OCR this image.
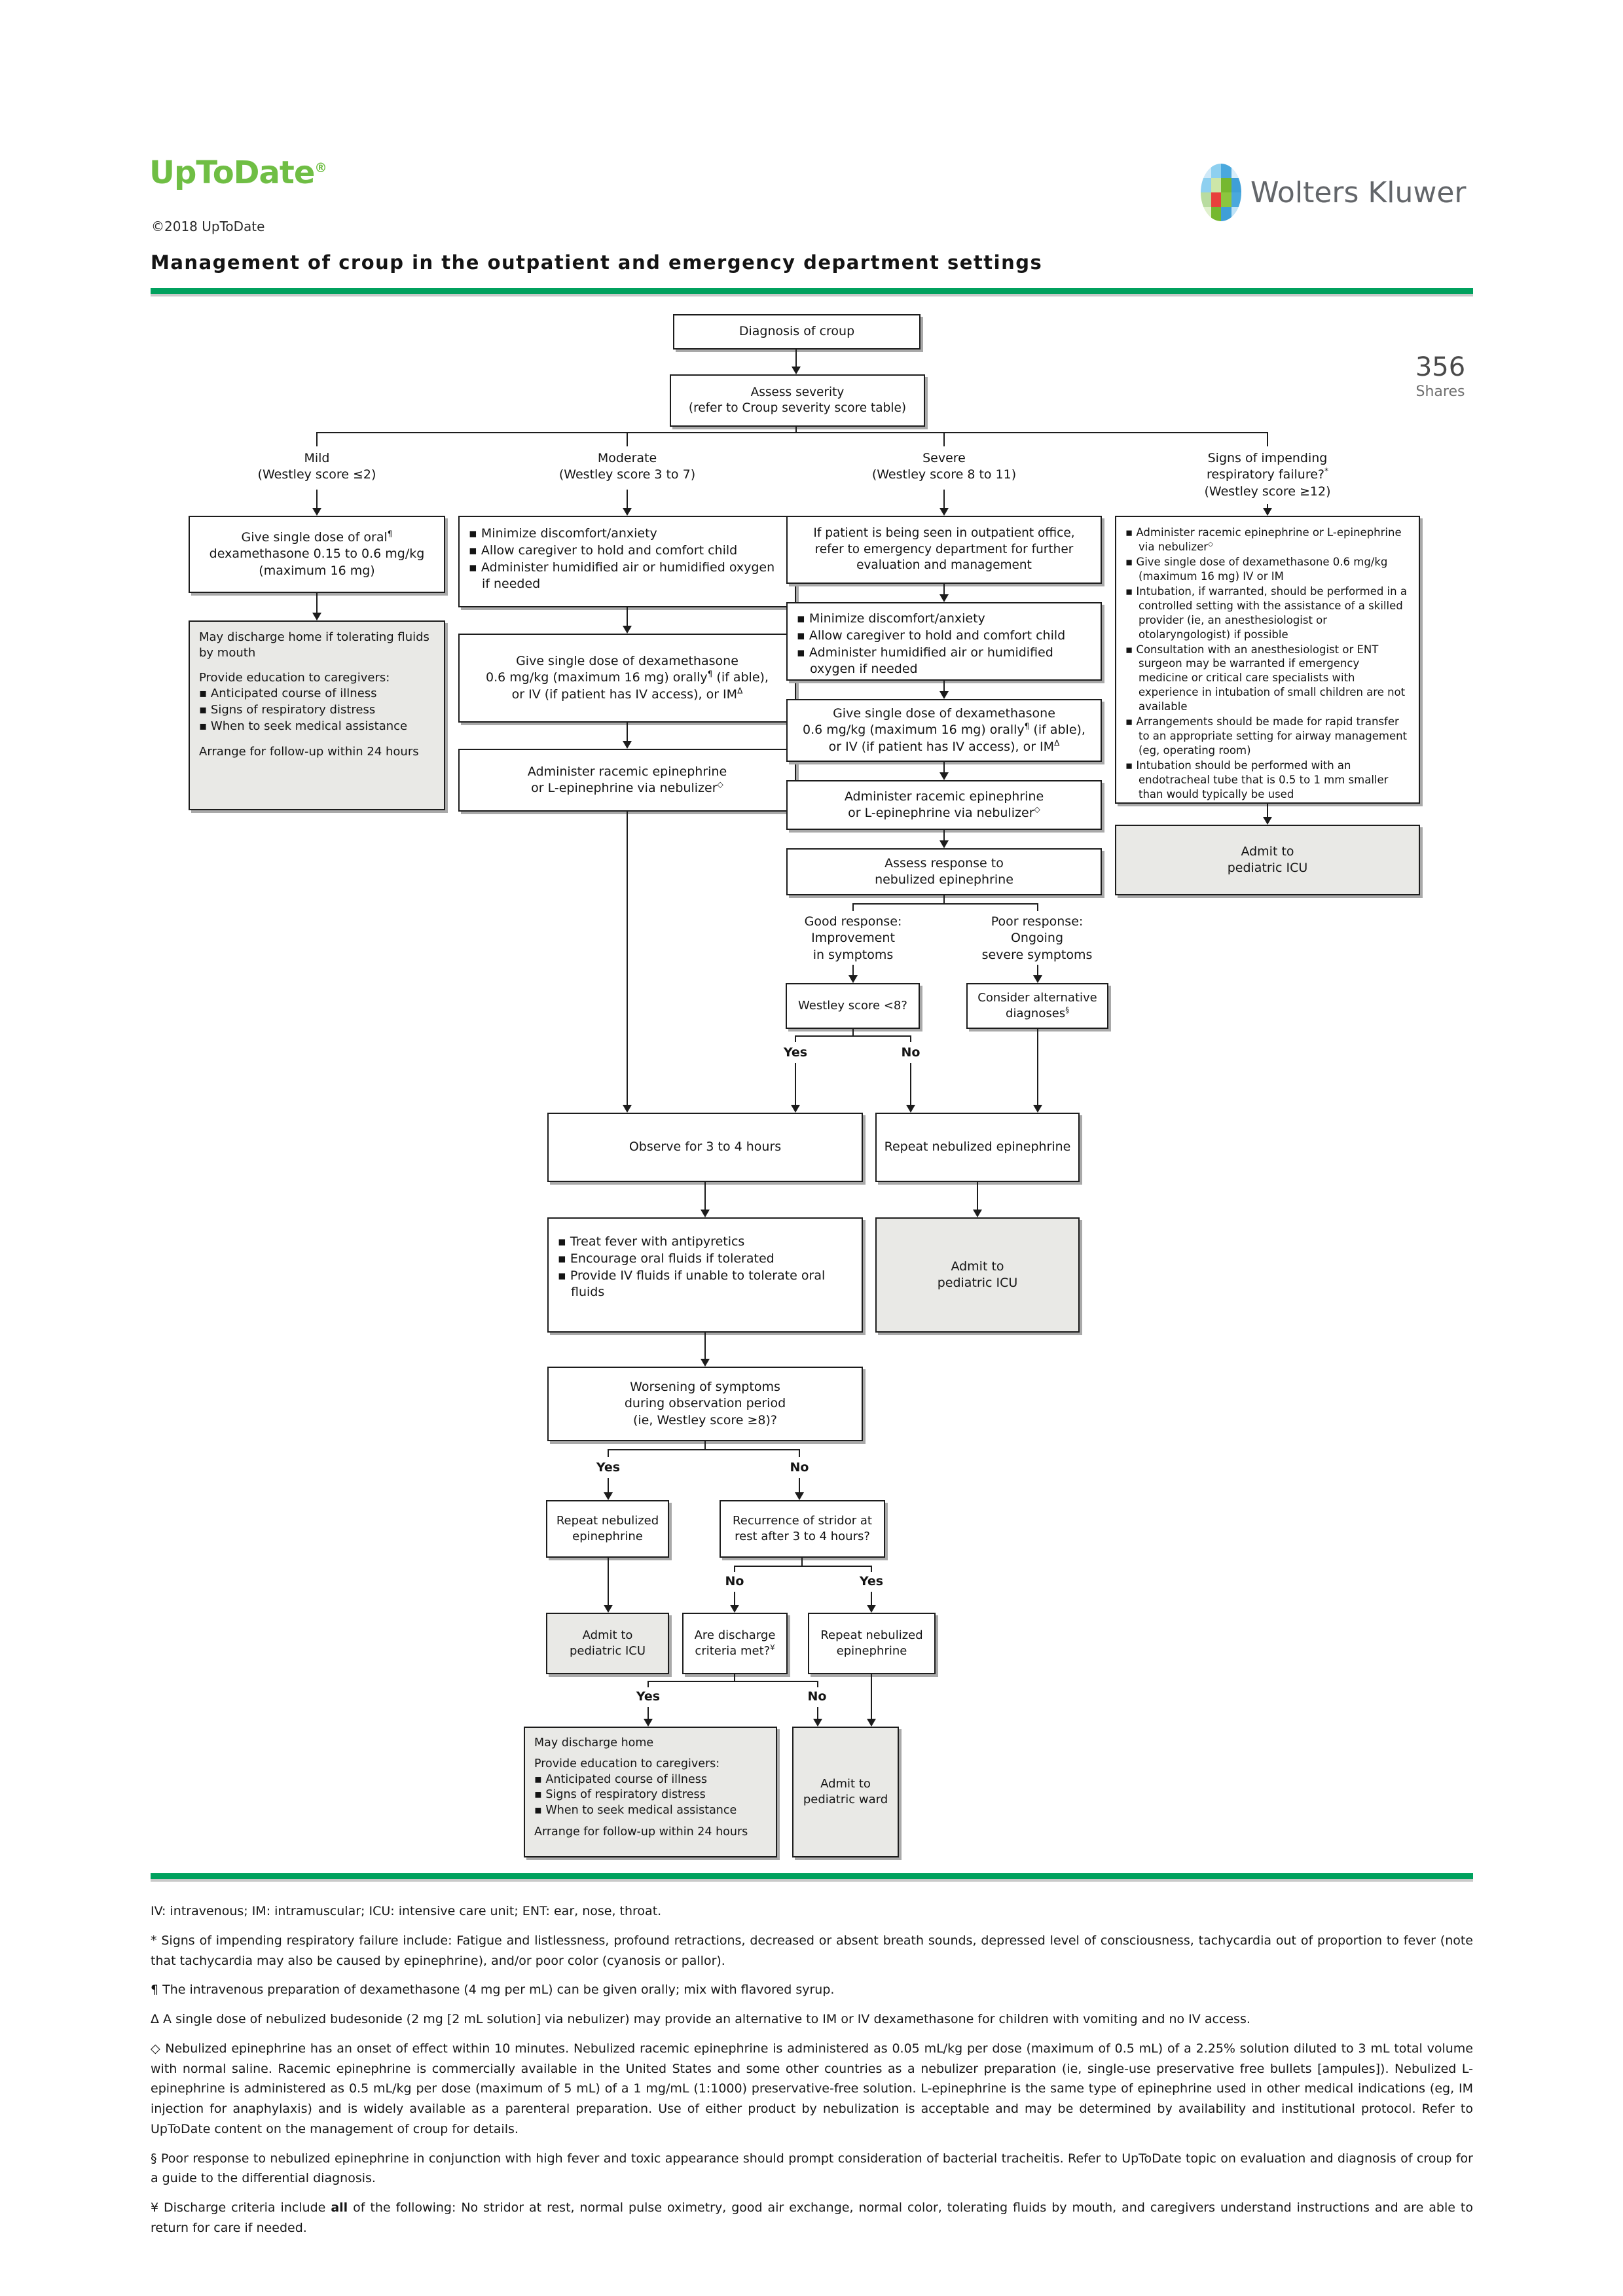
UpToDate®
©2018 UpToDate
Wolters Kluwer
Management of croup in the outpatient and emergency department settings
356
Shares
Diagnosis of croup
Assess severity
(refer to Croup severity score table)
Mild
(Westley score ≤2)
Moderate
(Westley score 3 to 7)
Severe
(Westley score 8 to 11)
Signs of impending
respiratory failure?*
(Westley score ≥12)
Give single dose of oral¶
dexamethasone 0.15 to 0.6 mg/kg
(maximum 16 mg)
May discharge home if tolerating fluids by mouth
Provide education to caregivers:
▪ Anticipated course of illness
▪ Signs of respiratory distress
▪ When to seek medical assistance
Arrange for follow-up within 24 hours
▪ Minimize discomfort/anxiety
▪ Allow caregiver to hold and comfort child
▪ Administer humidified air or humidified oxygen if needed
Give single dose of dexamethasone
0.6 mg/kg (maximum 16 mg) orally¶ (if able),
or IV (if patient has IV access), or $IM^\Delta$
Administer racemic epinephrine
or L-epinephrine via nebulizer◇
If patient is being seen in outpatient office,
refer to emergency department for further
evaluation and management
▪ Minimize discomfort/anxiety
▪ Allow caregiver to hold and comfort child
▪ Administer humidified air or humidified oxygen if needed
Give single dose of dexamethasone
0.6 mg/kg (maximum 16 mg) orally¶ (if able),
or IV (if patient has IV access), or $IM^\Delta$
Administer racemic epinephrine
or L-epinephrine via nebulizer◇
Assess response to
nebulized epinephrine
▪ Administer racemic epinephrine or L-epinephrine via nebulizer◇
▪ Give single dose of dexamethasone 0.6 mg/kg (maximum 16 mg) IV or IM
▪ Intubation, if warranted, should be performed in a controlled setting with the assistance of a skilled provider (ie, an anesthesiologist or otolaryngologist) if possible
▪ Consultation with an anesthesiologist or ENT surgeon may be warranted if emergency medicine or critical care specialists with experience in intubation of small children are not available
▪ Arrangements should be made for rapid transfer to an appropriate setting for airway management (eg, operating room)
▪ Intubation should be performed with an endotracheal tube that is 0.5 to 1 mm smaller than would typically be used
Admit to
pediatric ICU
Good response:
Improvement
in symptoms
Poor response:
Ongoing
severe symptoms
Westley score <8?
Consider alternative
diagnoses§
Yes	No
Observe for 3 to 4 hours	Repeat nebulized epinephrine
▪ Treat fever with antipyretics
▪ Encourage oral fluids if tolerated
▪ Provide IV fluids if unable to tolerate oral fluids
Admit to
pediatric ICU
Worsening of symptoms
during observation period
(ie, Westley score ≥8)?
Yes	No
Repeat nebulized
epinephrine
Recurrence of stridor at
rest after 3 to 4 hours?
No	Yes
Admit to
pediatric ICU
Are discharge
criteria met?¥
Repeat nebulized
epinephrine
Yes	No
May discharge home
Provide education to caregivers:
▪ Anticipated course of illness
▪ Signs of respiratory distress
▪ When to seek medical assistance
Arrange for follow-up within 24 hours
Admit to
pediatric ward

IV: intravenous; IM: intramuscular; ICU: intensive care unit; ENT: ear, nose, throat.

* Signs of impending respiratory failure include: Fatigue and listlessness, profound retractions, decreased or absent breath sounds, depressed level of consciousness, tachycardia out of proportion to fever (note that tachycardia may also be caused by epinephrine), and/or poor color (cyanosis or pallor).

¶ The intravenous preparation of dexamethasone (4 mg per mL) can be given orally; mix with flavored syrup.

Δ A single dose of nebulized budesonide (2 mg [2 mL solution] via nebulizer) may provide an alternative to IM or IV dexamethasone for children with vomiting and no IV access.

◇ Nebulized epinephrine has an onset of effect within 10 minutes. Nebulized racemic epinephrine is administered as 0.05 mL/kg per dose (maximum of 0.5 mL) of a 2.25% solution diluted to 3 mL total volume with normal saline. Racemic epinephrine is commercially available in the United States and some other countries as a nebulizer preparation (ie, single-use preservative free bullets [ampules]). Nebulized L-epinephrine is administered as 0.5 mL/kg per dose (maximum of 5 mL) of a 1 mg/mL (1:1000) preservative-free solution. L-epinephrine is the same type of epinephrine used in other medical indications (eg, IM injection for anaphylaxis) and is widely available as a parenteral preparation. Use of either product by nebulization is acceptable and may be determined by availability and institutional protocol. Refer to UpToDate content on the management of croup for details.

§ Poor response to nebulized epinephrine in conjunction with high fever and toxic appearance should prompt consideration of bacterial tracheitis. Refer to UpToDate topic on evaluation and diagnosis of croup for a guide to the differential diagnosis.

¥ Discharge criteria include all of the following: No stridor at rest, normal pulse oximetry, good air exchange, normal color, tolerating fluids by mouth, and caregivers understand instructions and are able to return for care if needed.
